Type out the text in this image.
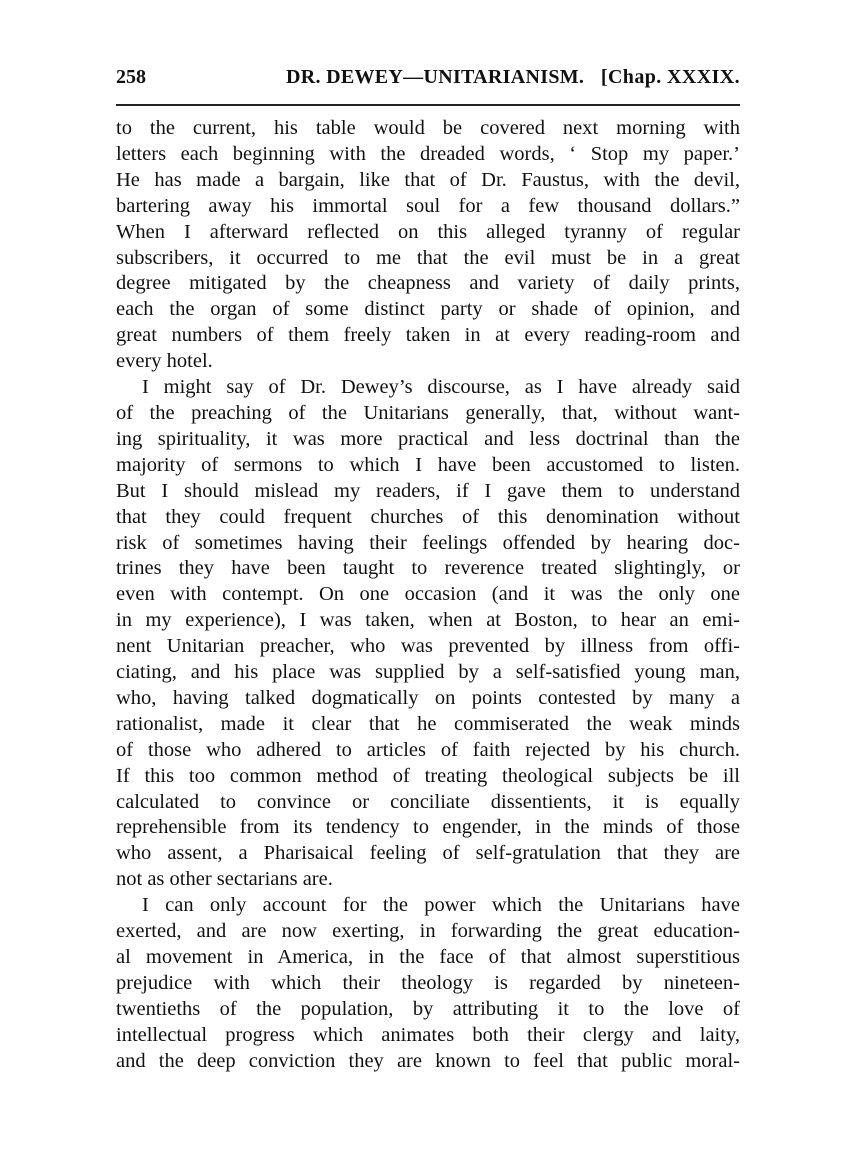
258	DR. DEWEY—UNITARIANISM. [Chap. XXXIX.
to the current, his table would be covered next morning with
letters each beginning with the dreaded words, ‘ Stop my paper.’
He has made a bargain, like that of Dr. Faustus, with the devil,
bartering away his immortal soul for a few thousand dollars.”
When I afterward reflected on this alleged tyranny of regular
subscribers, it occurred to me that the evil must be in a great
degree mitigated by the cheapness and variety of daily prints,
each the organ of some distinct party or shade of opinion, and
great numbers of them freely taken in at every reading-room and
every hotel.
I might say of Dr. Dewey’s discourse, as I have already said
of the preaching of the Unitarians generally, that, without want-
ing spirituality, it was more practical and less doctrinal than the
majority of sermons to which I have been accustomed to listen.
But I should mislead my readers, if I gave them to understand
that they could frequent churches of this denomination without
risk of sometimes having their feelings offended by hearing doc-
trines they have been taught to reverence treated slightingly, or
even with contempt. On one occasion (and it was the only one
in my experience), I was taken, when at Boston, to hear an emi-
nent Unitarian preacher, who was prevented by illness from offi-
ciating, and his place was supplied by a self-satisfied young man,
who, having talked dogmatically on points contested by many a
rationalist, made it clear that he commiserated the weak minds
of those who adhered to articles of faith rejected by his church.
If this too common method of treating theological subjects be ill
calculated to convince or conciliate dissentients, it is equally
reprehensible from its tendency to engender, in the minds of those
who assent, a Pharisaical feeling of self-gratulation that they are
not as other sectarians are.
I can only account for the power which the Unitarians have
exerted, and are now exerting, in forwarding the great education-
al movement in America, in the face of that almost superstitious
prejudice with which their theology is regarded by nineteen-
twentieths of the population, by attributing it to the love of
intellectual progress which animates both their clergy and laity,
and the deep conviction they are known to feel that public moral-
